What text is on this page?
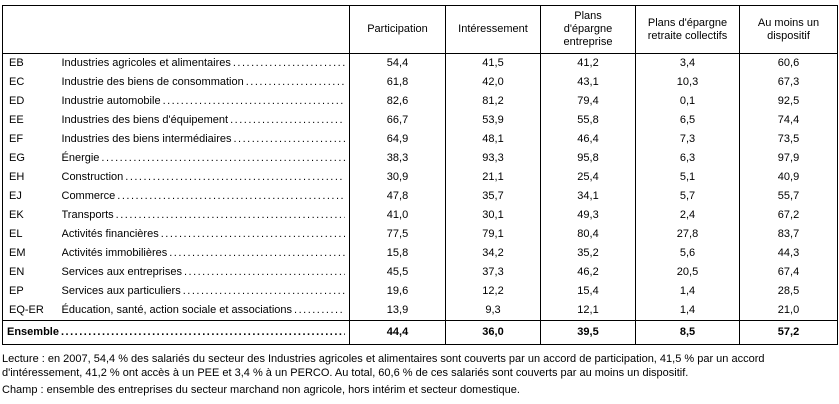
		Participation	Intéressement	Plans d'épargne entreprise	Plans d'épargne retraite collectifs	Au moins un dispositif
EB	Industries agricoles et alimentaires
.....	54,4	41,5	41,2	3,4	60,6
EC	Industrie des biens de consommation
.....	61,8	42,0	43,1	10,3	67,3
ED	Industrie automobile
.....	82,6	81,2	79,4	0,1	92,5
EE	Industries des biens d'équipement
.....	66,7	53,9	55,8	6,5	74,4
EF	Industries des biens intermédiaires
.....	64,9	48,1	46,4	7,3	73,5
EG	Énergie
.....	38,3	93,3	95,8	6,3	97,9
EH	Construction
.....	30,9	21,1	25,4	5,1	40,9
EJ	Commerce
.....	47,8	35,7	34,1	5,7	55,7
EK	Transports
.....	41,0	30,1	49,3	2,4	67,2
EL	Activités financières
.....	77,5	79,1	80,4	27,8	83,7
EM	Activités immobilières
.....	15,8	34,2	35,2	5,6	44,3
EN	Services aux entreprises
.....	45,5	37,3	46,2	20,5	67,4
EP	Services aux particuliers
.....	19,6	12,2	15,4	1,4	28,5
EQ-ER	Éducation, santé, action sociale et associations
.....	13,9	9,3	12,1	1,4	21,0

Ensemble
.....		44,4	36,0	39,5	8,5	57,2

Lecture : en 2007, 54,4 % des salariés du secteur des Industries agricoles et alimentaires sont couverts par un accord de participation, 41,5 % par un accord d'intéressement, 41,2 % ont accès à un PEE et 3,4 % à un PERCO. Au total, 60,6 % de ces salariés sont couverts par au moins un dispositif.

Champ : ensemble des entreprises du secteur marchand non agricole, hors intérim et secteur domestique.
